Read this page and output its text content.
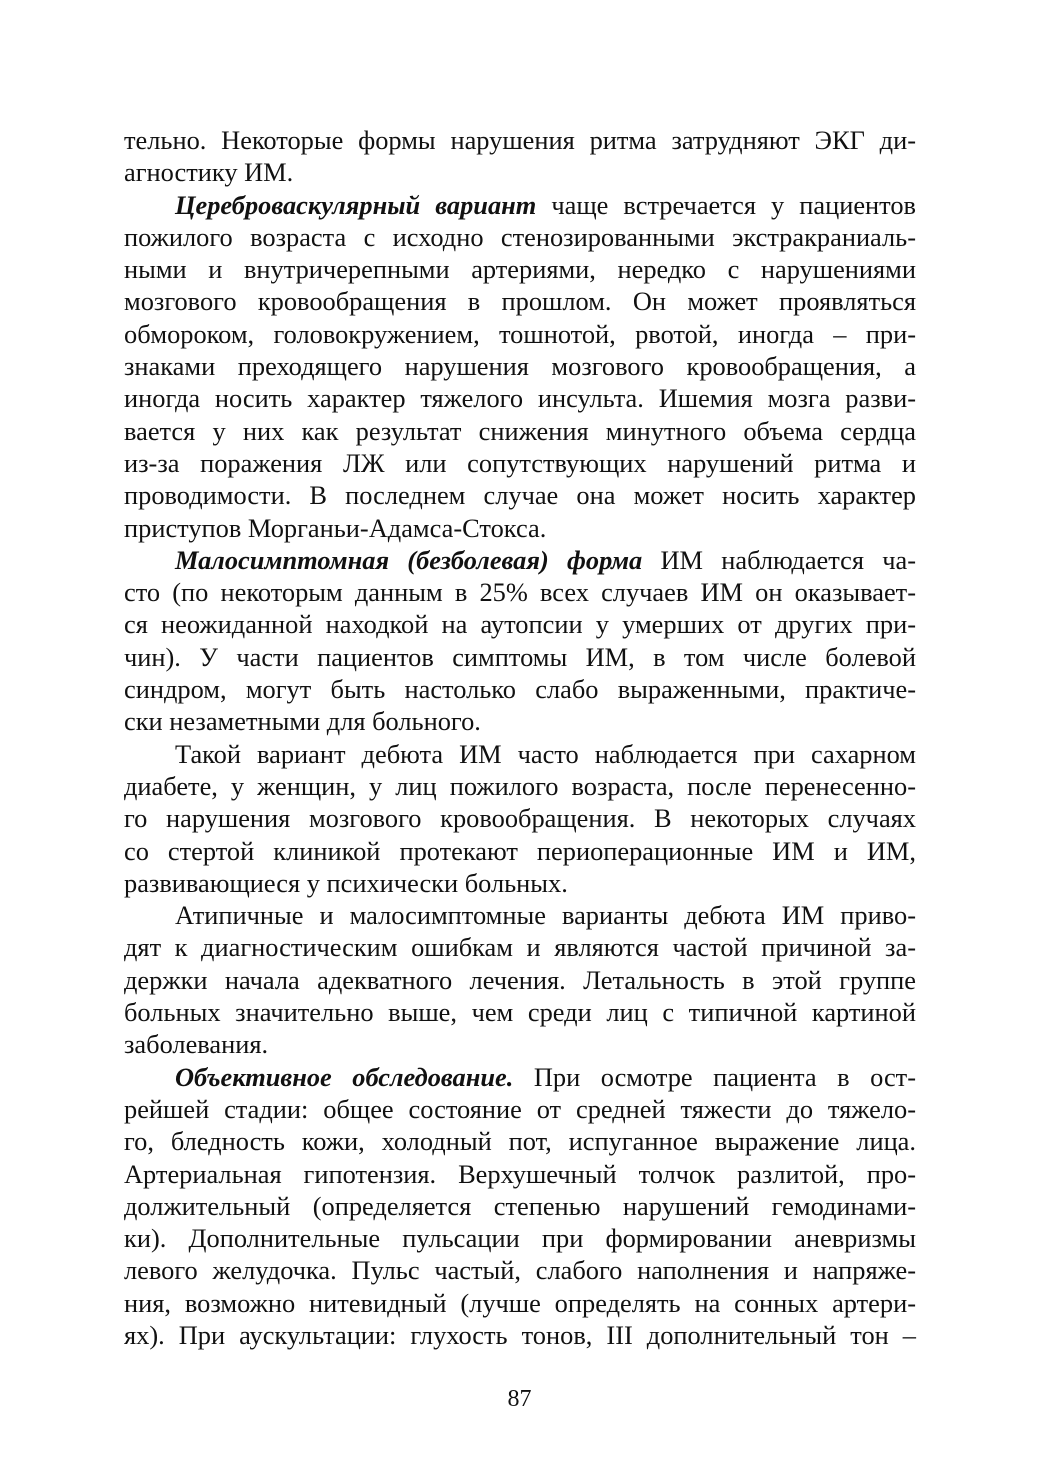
тельно. Некоторые формы нарушения ритма затрудняют ЭКГ ди-

агностику ИМ.

Цереброваскулярный вариант чаще встречается у пациентов

пожилого возраста с исходно стенозированными экстракраниаль-

ными и внутричерепными артериями, нередко с нарушениями

мозгового кровообращения в прошлом. Он может проявляться

обмороком, головокружением, тошнотой, рвотой, иногда – при-

знаками преходящего нарушения мозгового кровообращения, а

иногда носить характер тяжелого инсульта. Ишемия мозга разви-

вается у них как результат снижения минутного объема сердца

из-за поражения ЛЖ или сопутствующих нарушений ритма и

проводимости. В последнем случае она может носить характер

приступов Морганьи-Адамса-Стокса.

Малосимптомная (безболевая) форма ИМ наблюдается ча-

сто (по некоторым данным в 25% всех случаев ИМ он оказывает-

ся неожиданной находкой на аутопсии у умерших от других при-

чин). У части пациентов симптомы ИМ, в том числе болевой

синдром, могут быть настолько слабо выраженными, практиче-

ски незаметными для больного.

Такой вариант дебюта ИМ часто наблюдается при сахарном

диабете, у женщин, у лиц пожилого возраста, после перенесенно-

го нарушения мозгового кровообращения. В некоторых случаях

со стертой клиникой протекают периоперационные ИМ и ИМ,

развивающиеся у психически больных.

Атипичные и малосимптомные варианты дебюта ИМ приво-

дят к диагностическим ошибкам и являются частой причиной за-

держки начала адекватного лечения. Летальность в этой группе

больных значительно выше, чем среди лиц с типичной картиной

заболевания.

Объективное обследование. При осмотре пациента в ост-

рейшей стадии: общее состояние от средней тяжести до тяжело-

го, бледность кожи, холодный пот, испуганное выражение лица.

Артериальная гипотензия. Верхушечный толчок разлитой, про-

должительный (определяется степенью нарушений гемодинами-

ки). Дополнительные пульсации при формировании аневризмы

левого желудочка. Пульс частый, слабого наполнения и напряже-

ния, возможно нитевидный (лучше определять на сонных артери-

ях). При аускультации: глухость тонов, III дополнительный тон –

87
